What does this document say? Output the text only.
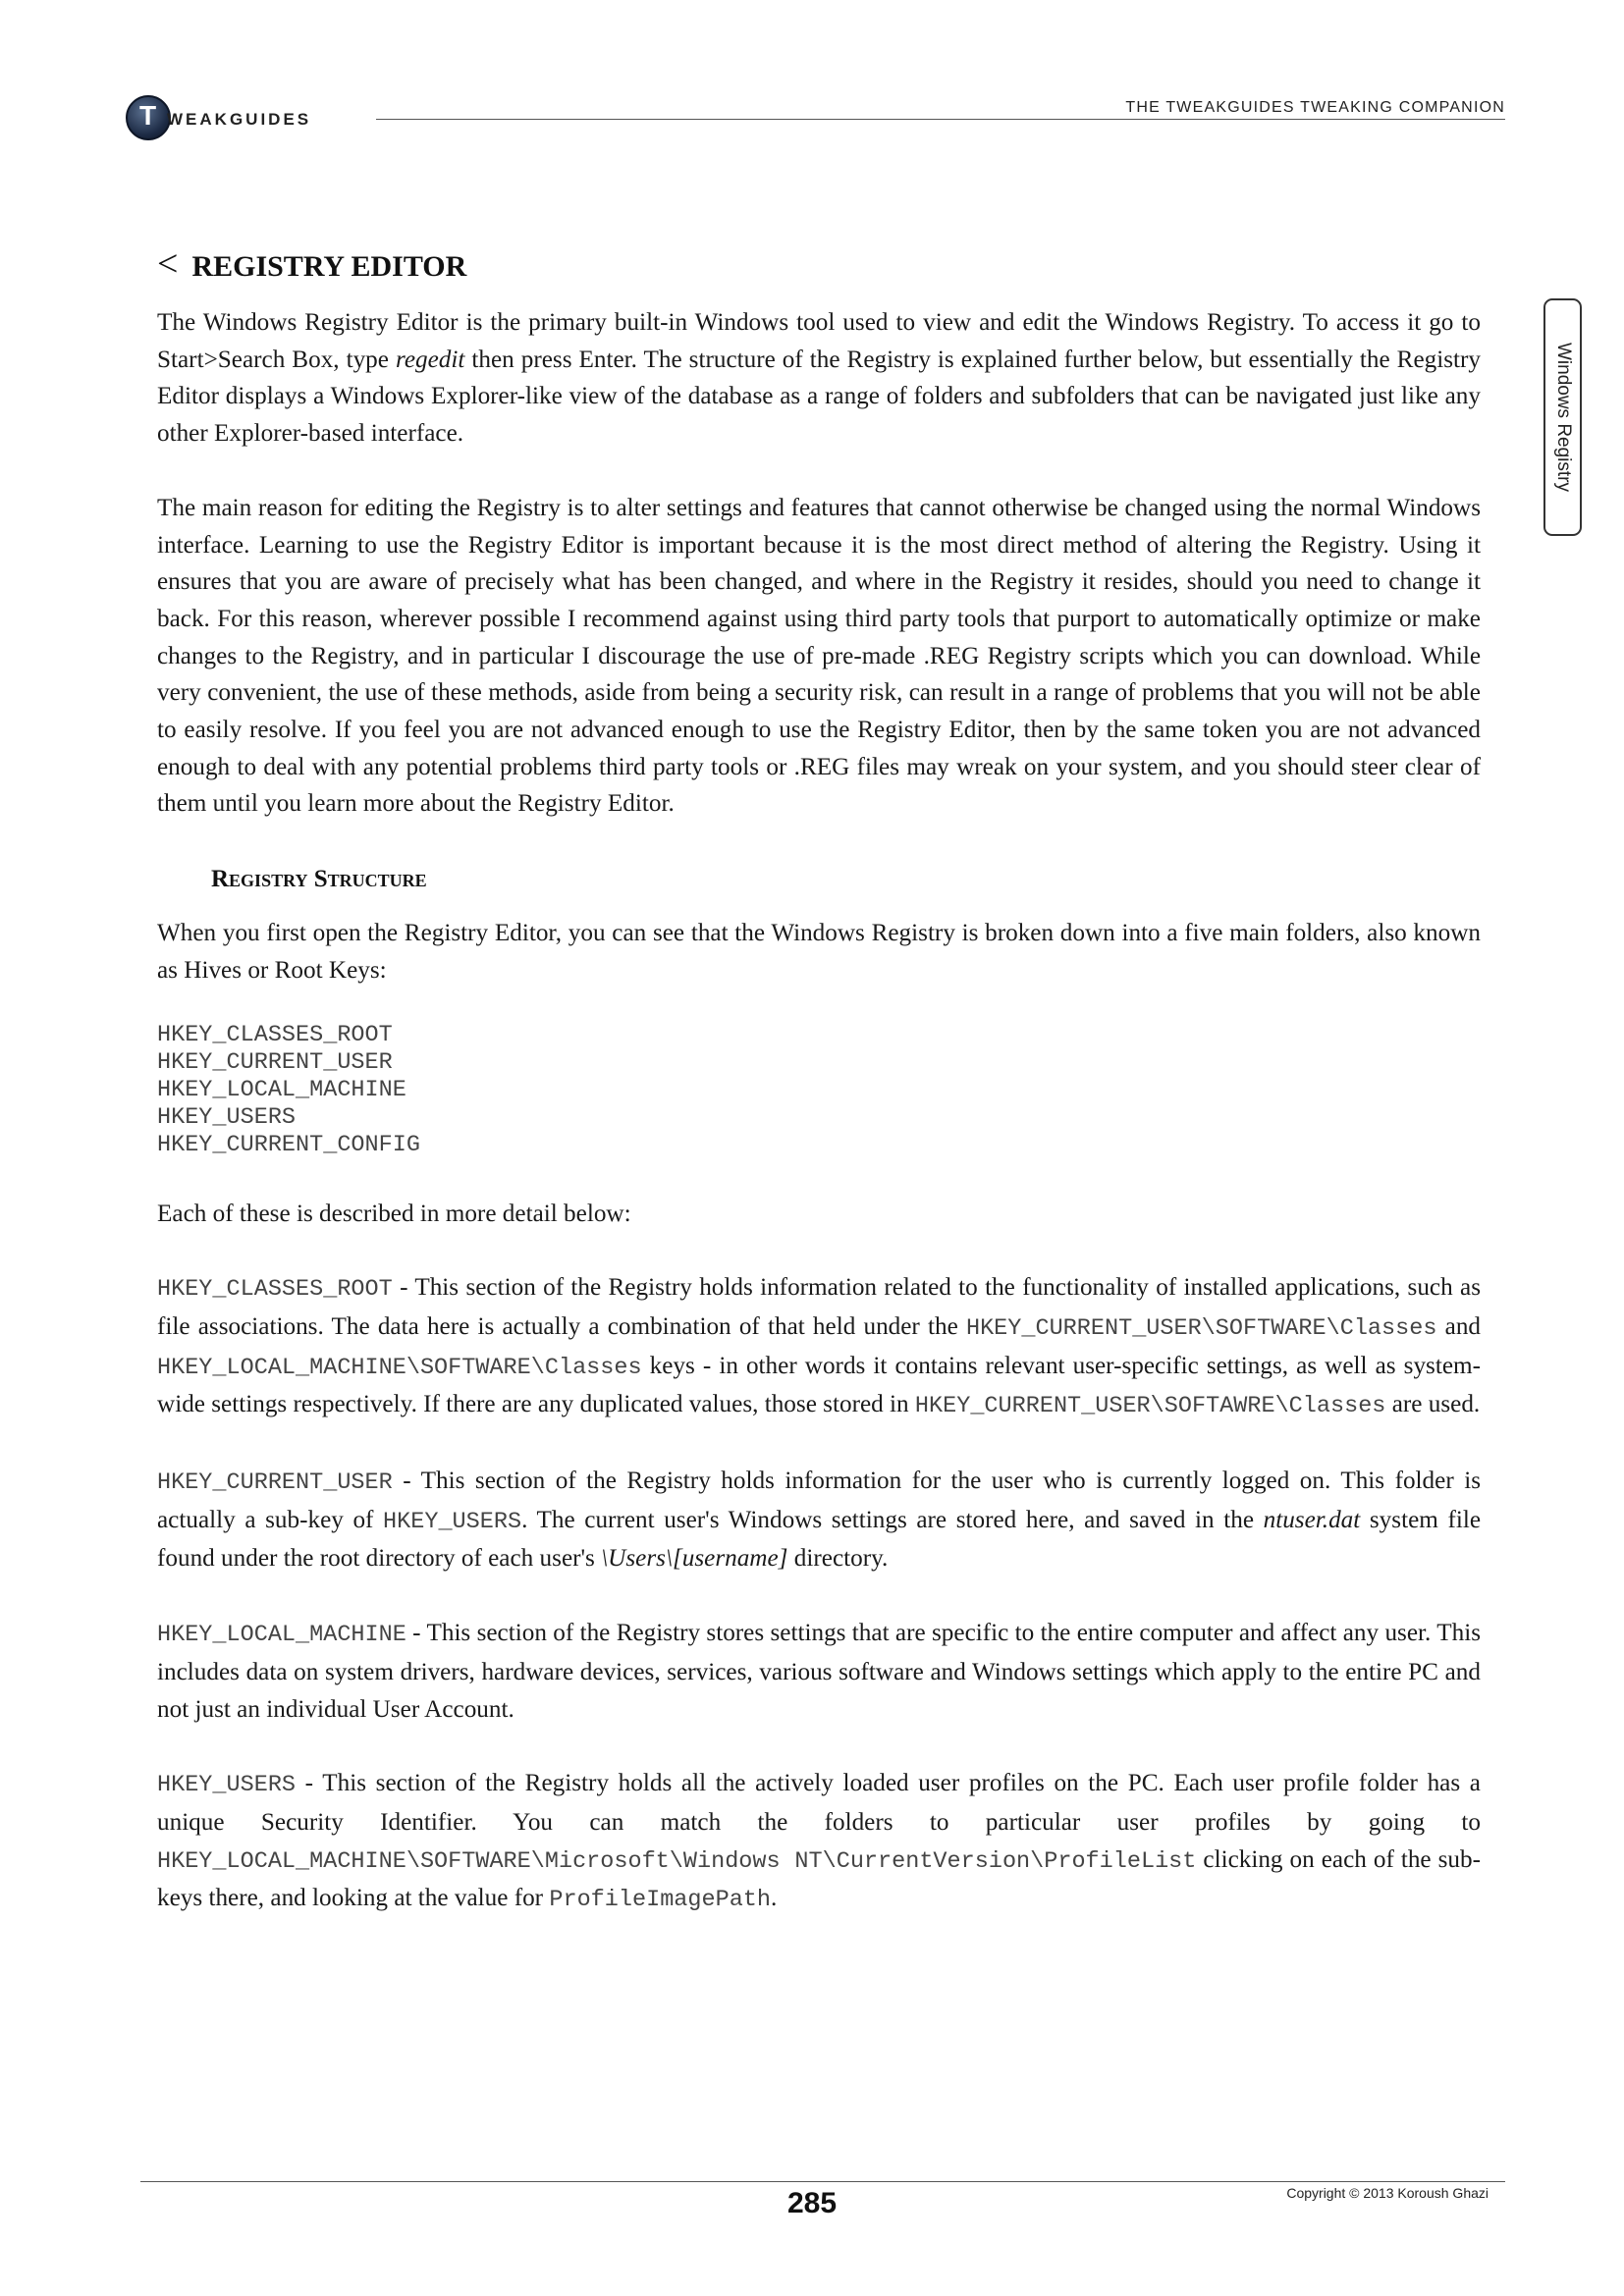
T WEAKGUIDES
THE TWEAKGUIDES TWEAKING COMPANION
Windows Registry
< REGISTRY EDITOR

The Windows Registry Editor is the primary built-in Windows tool used to view and edit the Windows Registry. To access it go to Start>Search Box, type regedit then press Enter. The structure of the Registry is explained further below, but essentially the Registry Editor displays a Windows Explorer-like view of the database as a range of folders and subfolders that can be navigated just like any other Explorer-based interface.

The main reason for editing the Registry is to alter settings and features that cannot otherwise be changed using the normal Windows interface. Learning to use the Registry Editor is important because it is the most direct method of altering the Registry. Using it ensures that you are aware of precisely what has been changed, and where in the Registry it resides, should you need to change it back. For this reason, wherever possible I recommend against using third party tools that purport to automatically optimize or make changes to the Registry, and in particular I discourage the use of pre-made .REG Registry scripts which you can download. While very convenient, the use of these methods, aside from being a security risk, can result in a range of problems that you will not be able to easily resolve. If you feel you are not advanced enough to use the Registry Editor, then by the same token you are not advanced enough to deal with any potential problems third party tools or .REG files may wreak on your system, and you should steer clear of them until you learn more about the Registry Editor.

Registry Structure

When you first open the Registry Editor, you can see that the Windows Registry is broken down into a five main folders, also known as Hives or Root Keys:

HKEY_CLASSES_ROOT
HKEY_CURRENT_USER
HKEY_LOCAL_MACHINE
HKEY_USERS
HKEY_CURRENT_CONFIG

Each of these is described in more detail below:

HKEY_CLASSES_ROOT - This section of the Registry holds information related to the functionality of installed applications, such as file associations. The data here is actually a combination of that held under the HKEY_CURRENT_USER\SOFTWARE\Classes and HKEY_LOCAL_MACHINE\SOFTWARE\Classes keys - in other words it contains relevant user-specific settings, as well as system-wide settings respectively. If there are any duplicated values, those stored in HKEY_CURRENT_USER\SOFTAWRE\Classes are used.

HKEY_CURRENT_USER - This section of the Registry holds information for the user who is currently logged on. This folder is actually a sub-key of HKEY_USERS. The current user's Windows settings are stored here, and saved in the ntuser.dat system file found under the root directory of each user's \Users\[username] directory.

HKEY_LOCAL_MACHINE - This section of the Registry stores settings that are specific to the entire computer and affect any user. This includes data on system drivers, hardware devices, services, various software and Windows settings which apply to the entire PC and not just an individual User Account.

HKEY_USERS - This section of the Registry holds all the actively loaded user profiles on the PC. Each user profile folder has a unique Security Identifier. You can match the folders to particular user profiles by going to HKEY_LOCAL_MACHINE\SOFTWARE\Microsoft\Windows NT\CurrentVersion\ProfileList clicking on each of the sub-keys there, and looking at the value for ProfileImagePath.

285	Copyright © 2013 Koroush Ghazi
